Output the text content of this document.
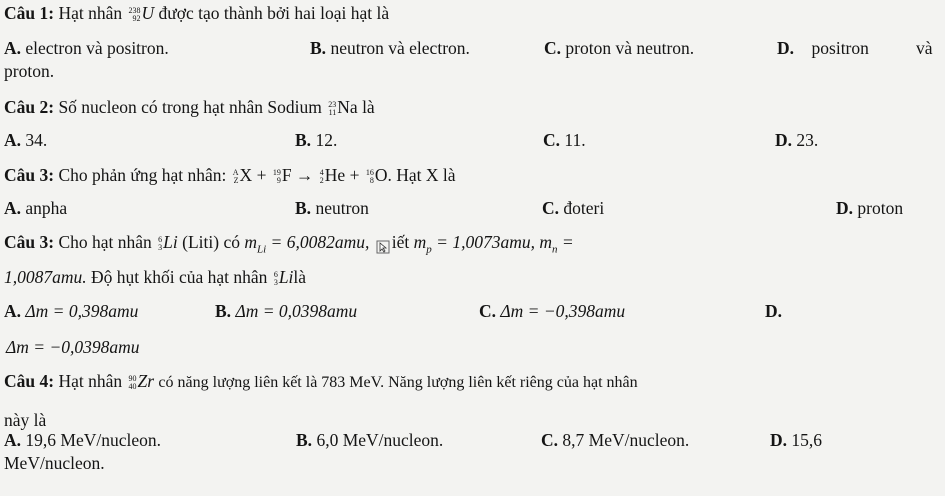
Câu 1: Hạt nhân 238
92 U được tạo thành bởi hai loại hạt là
A. electron và positron.	B. neutron và electron.	C. proton và neutron.	D. positron	và
proton.
Câu 2: Số nucleon có trong hạt nhân Sodium 23
11 Na là
A. 34.	B. 12.	C. 11.	D. 23.
Câu 3: Cho phản ứng hạt nhân: A
Z X + 19
9 F → 4
2 He + 16
8 O. Hạt X là
A. anpha	B. neutron	C. đoteri	D. proton
Câu 3: Cho hạt nhân 6
3 Li (Liti) có $m_{Li} = 6,0082amu$, iết $m_p = 1,0073amu$, $m_n$ =
1,0087amu. Độ hụt khối của hạt nhân 6
3 Lilà
A. Δm = 0,398amu	B. Δm = 0,0398amu	C. Δm = −0,398amu	D.
Δm = −0,0398amu
Câu 4: Hạt nhân 90
40 Zr có năng lượng liên kết là 783 MeV. Năng lượng liên kết riêng của hạt nhân
này là
A. 19,6 MeV/nucleon.	B. 6,0 MeV/nucleon.	C. 8,7 MeV/nucleon.	D. 15,6
MeV/nucleon.
